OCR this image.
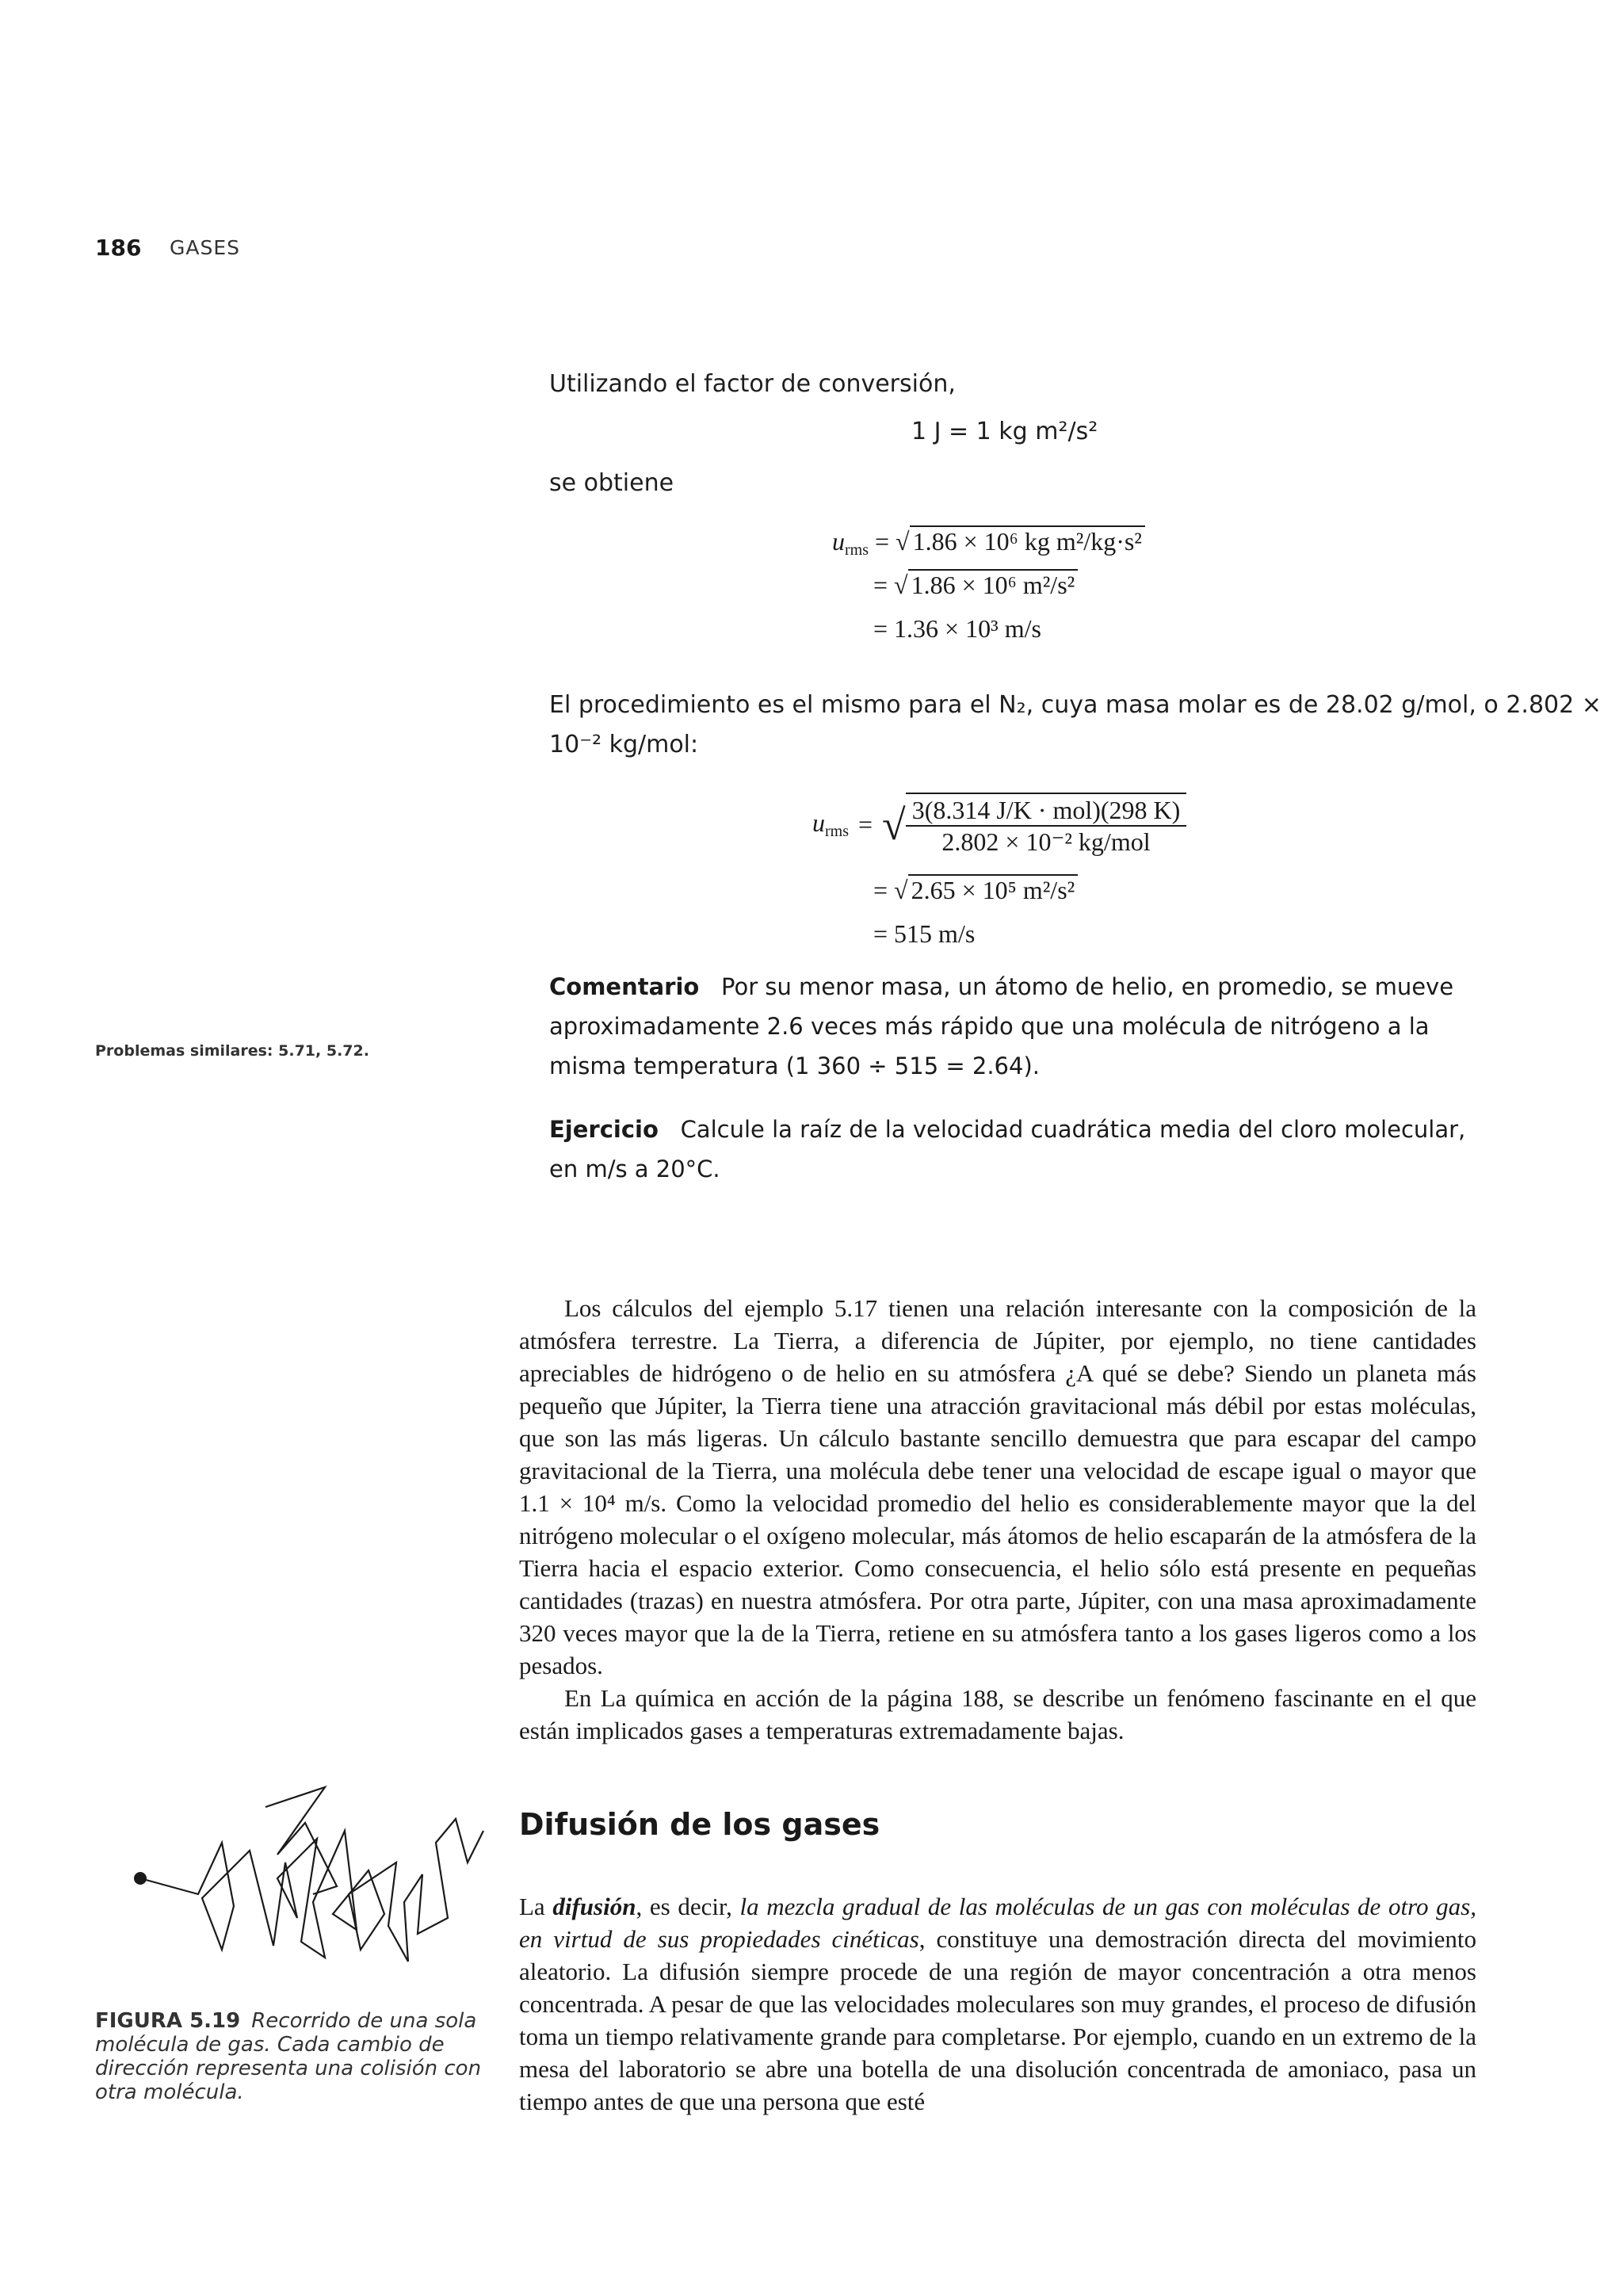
186 GASES
Utilizando el factor de conversión,
1 J = 1 kg m²/s²
se obtiene
$u_{rms}$ = √ 1.86 × 10⁶ kg m²/kg·s²
= √ 1.86 × 10⁶ m²/s²
= 1.36 × 10³ m/s
El procedimiento es el mismo para el N₂, cuya masa molar es de 28.02 g/mol, o 2.802 ×
10⁻² kg/mol:
$u_{rms}$ = √ 3(8.314 J/K · mol)(298 K)
2.802 × 10⁻² kg/mol
= √ 2.65 × 10⁵ m²/s²
= 515 m/s
Problemas similares: 5.71, 5.72.
Comentario Por su menor masa, un átomo de helio, en promedio, se mueve aproximadamente 2.6 veces más rápido que una molécula de nitrógeno a la misma temperatura (1 360 ÷ 515 = 2.64).
Ejercicio Calcule la raíz de la velocidad cuadrática media del cloro molecular, en m/s a 20°C.

Los cálculos del ejemplo 5.17 tienen una relación interesante con la composición de la atmósfera terrestre. La Tierra, a diferencia de Júpiter, por ejemplo, no tiene cantidades apreciables de hidrógeno o de helio en su atmósfera ¿A qué se debe? Siendo un planeta más pequeño que Júpiter, la Tierra tiene una atracción gravitacional más débil por estas moléculas, que son las más ligeras. Un cálculo bastante sencillo demuestra que para escapar del campo gravitacional de la Tierra, una molécula debe tener una velocidad de escape igual o mayor que 1.1 × 10⁴ m/s. Como la velocidad promedio del helio es considerablemente mayor que la del nitrógeno molecular o el oxígeno molecular, más átomos de helio escaparán de la atmósfera de la Tierra hacia el espacio exterior. Como consecuencia, el helio sólo está presente en pequeñas cantidades (trazas) en nuestra atmósfera. Por otra parte, Júpiter, con una masa aproximadamente 320 veces mayor que la de la Tierra, retiene en su atmósfera tanto a los gases ligeros como a los pesados.

En La química en acción de la página 188, se describe un fenómeno fascinante en el que están implicados gases a temperaturas extremadamente bajas.

Difusión de los gases

La difusión, es decir, la mezcla gradual de las moléculas de un gas con moléculas de otro gas, en virtud de sus propiedades cinéticas, constituye una demostración directa del movimiento aleatorio. La difusión siempre procede de una región de mayor concentración a otra menos concentrada. A pesar de que las velocidades moleculares son muy grandes, el proceso de difusión toma un tiempo relativamente grande para completarse. Por ejemplo, cuando en un extremo de la mesa del laboratorio se abre una botella de una disolución concentrada de amoniaco, pasa un tiempo antes de que una persona que esté

FIGURA 5.19 Recorrido de una sola molécula de gas. Cada cambio de dirección representa una colisión con otra molécula.
